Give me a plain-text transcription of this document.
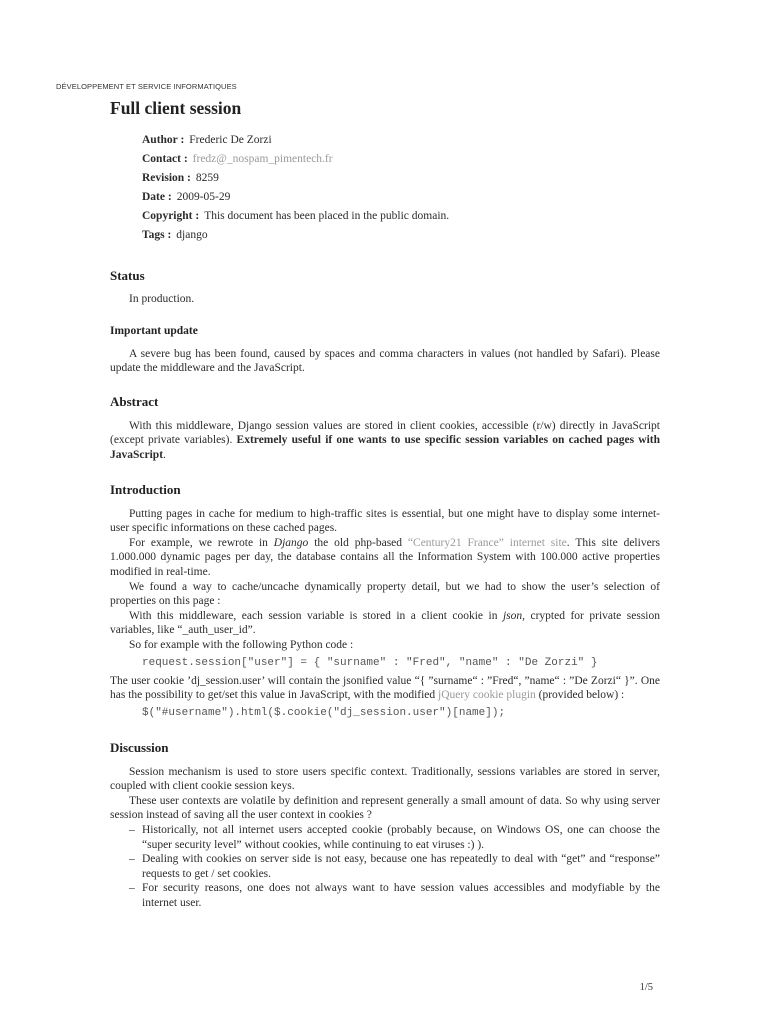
DÉVELOPPEMENT ET SERVICE INFORMATIQUES
Full client session
Author : Frederic De Zorzi
Contact : fredz@_nospam_pimentech.fr
Revision : 8259
Date : 2009-05-29
Copyright : This document has been placed in the public domain.
Tags : django
Status

In production.

Important update

A severe bug has been found, caused by spaces and comma characters in values (not handled by Safari). Please update the middleware and the JavaScript.

Abstract

With this middleware, Django session values are stored in client cookies, accessible (r/w) directly in JavaScript (except private variables). Extremely useful if one wants to use specific session variables on cached pages with JavaScript.

Introduction

Putting pages in cache for medium to high-traffic sites is essential, but one might have to display some internet-user specific informations on these cached pages.

For example, we rewrote in Django the old php-based “Century21 France” internet site. This site delivers 1.000.000 dynamic pages per day, the database contains all the Information System with 100.000 active properties modified in real-time.

We found a way to cache/uncache dynamically property detail, but we had to show the user’s selection of properties on this page :

With this middleware, each session variable is stored in a client cookie in json, crypted for private session variables, like “_auth_user_id”.

So for example with the following Python code :

request.session["user"] = { "surname" : "Fred", "name" : "De Zorzi" }

The user cookie ’dj_session.user’ will contain the jsonified value “{ ”surname“ : ”Fred“, ”name“ : ”De Zorzi“ }”. One has the possibility to get/set this value in JavaScript, with the modified jQuery cookie plugin (provided below) :

$("#username").html($.cookie("dj_session.user")[name]);
Discussion

Session mechanism is used to store users specific context. Traditionally, sessions variables are stored in server, coupled with client cookie session keys.

These user contexts are volatile by definition and represent generally a small amount of data. So why using server session instead of saving all the user context in cookies ?

– Historically, not all internet users accepted cookie (probably because, on Windows OS, one can choose the “super security level” without cookies, while continuing to eat viruses :) ).
– Dealing with cookies on server side is not easy, because one has repeatedly to deal with “get” and “response” requests to get / set cookies.
– For security reasons, one does not always want to have session values accessibles and modyfiable by the internet user.
1/5
